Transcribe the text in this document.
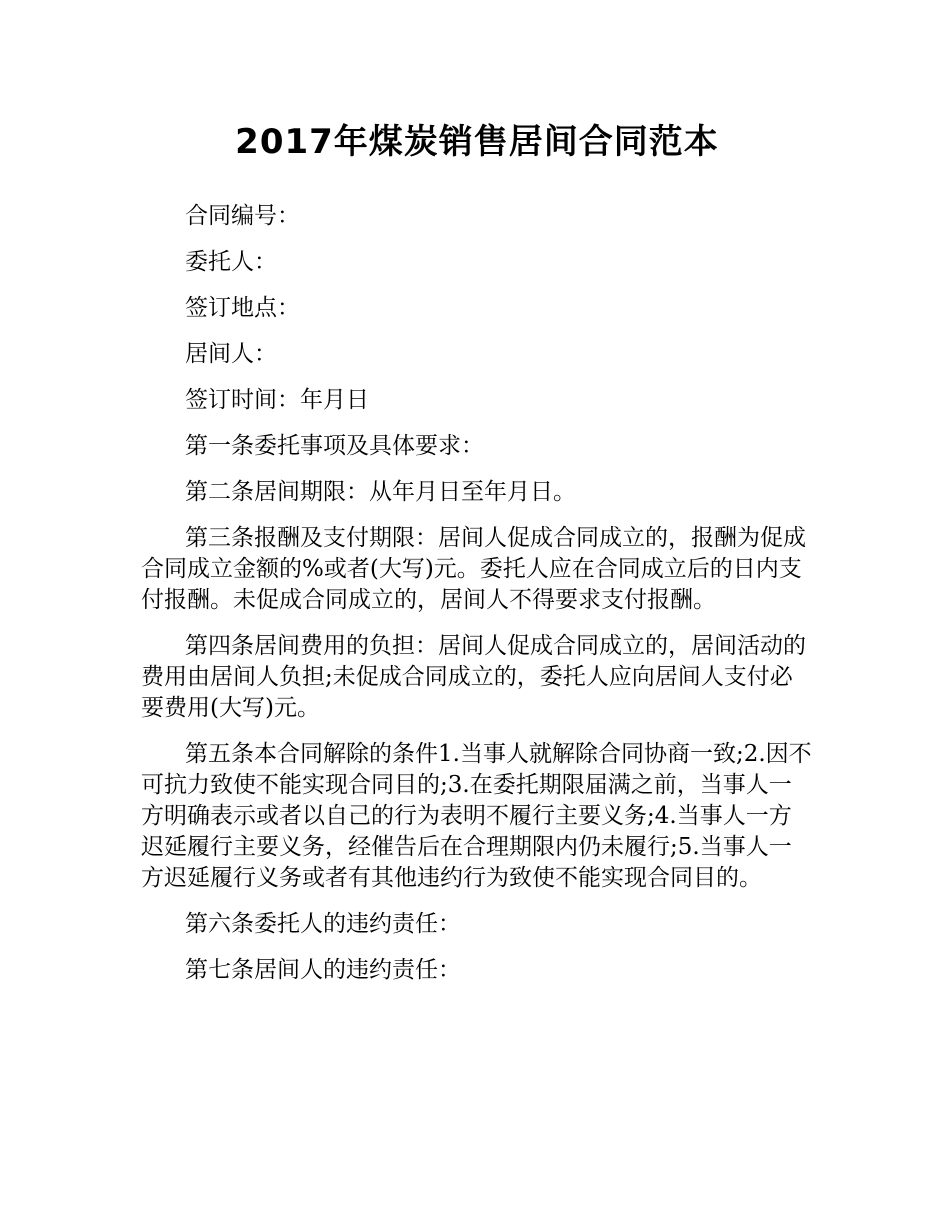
2017年煤炭销售居间合同范本

合同编号：

委托人：

签订地点：

居间人：

签订时间：年月日

第一条委托事项及具体要求：

第二条居间期限：从年月日至年月日。

第三条报酬及支付期限：居间人促成合同成立的，报酬为促成合同成立金额的%或者(大写)元。委托人应在合同成立后的日内支付报酬。未促成合同成立的，居间人不得要求支付报酬。

第四条居间费用的负担：居间人促成合同成立的，居间活动的费用由居间人负担;未促成合同成立的，委托人应向居间人支付必要费用(大写)元。

第五条本合同解除的条件1.当事人就解除合同协商一致;2.因不可抗力致使不能实现合同目的;3.在委托期限届满之前，当事人一方明确表示或者以自己的行为表明不履行主要义务;4.当事人一方迟延履行主要义务，经催告后在合理期限内仍未履行;5.当事人一方迟延履行义务或者有其他违约行为致使不能实现合同目的。

第六条委托人的违约责任：

第七条居间人的违约责任：
